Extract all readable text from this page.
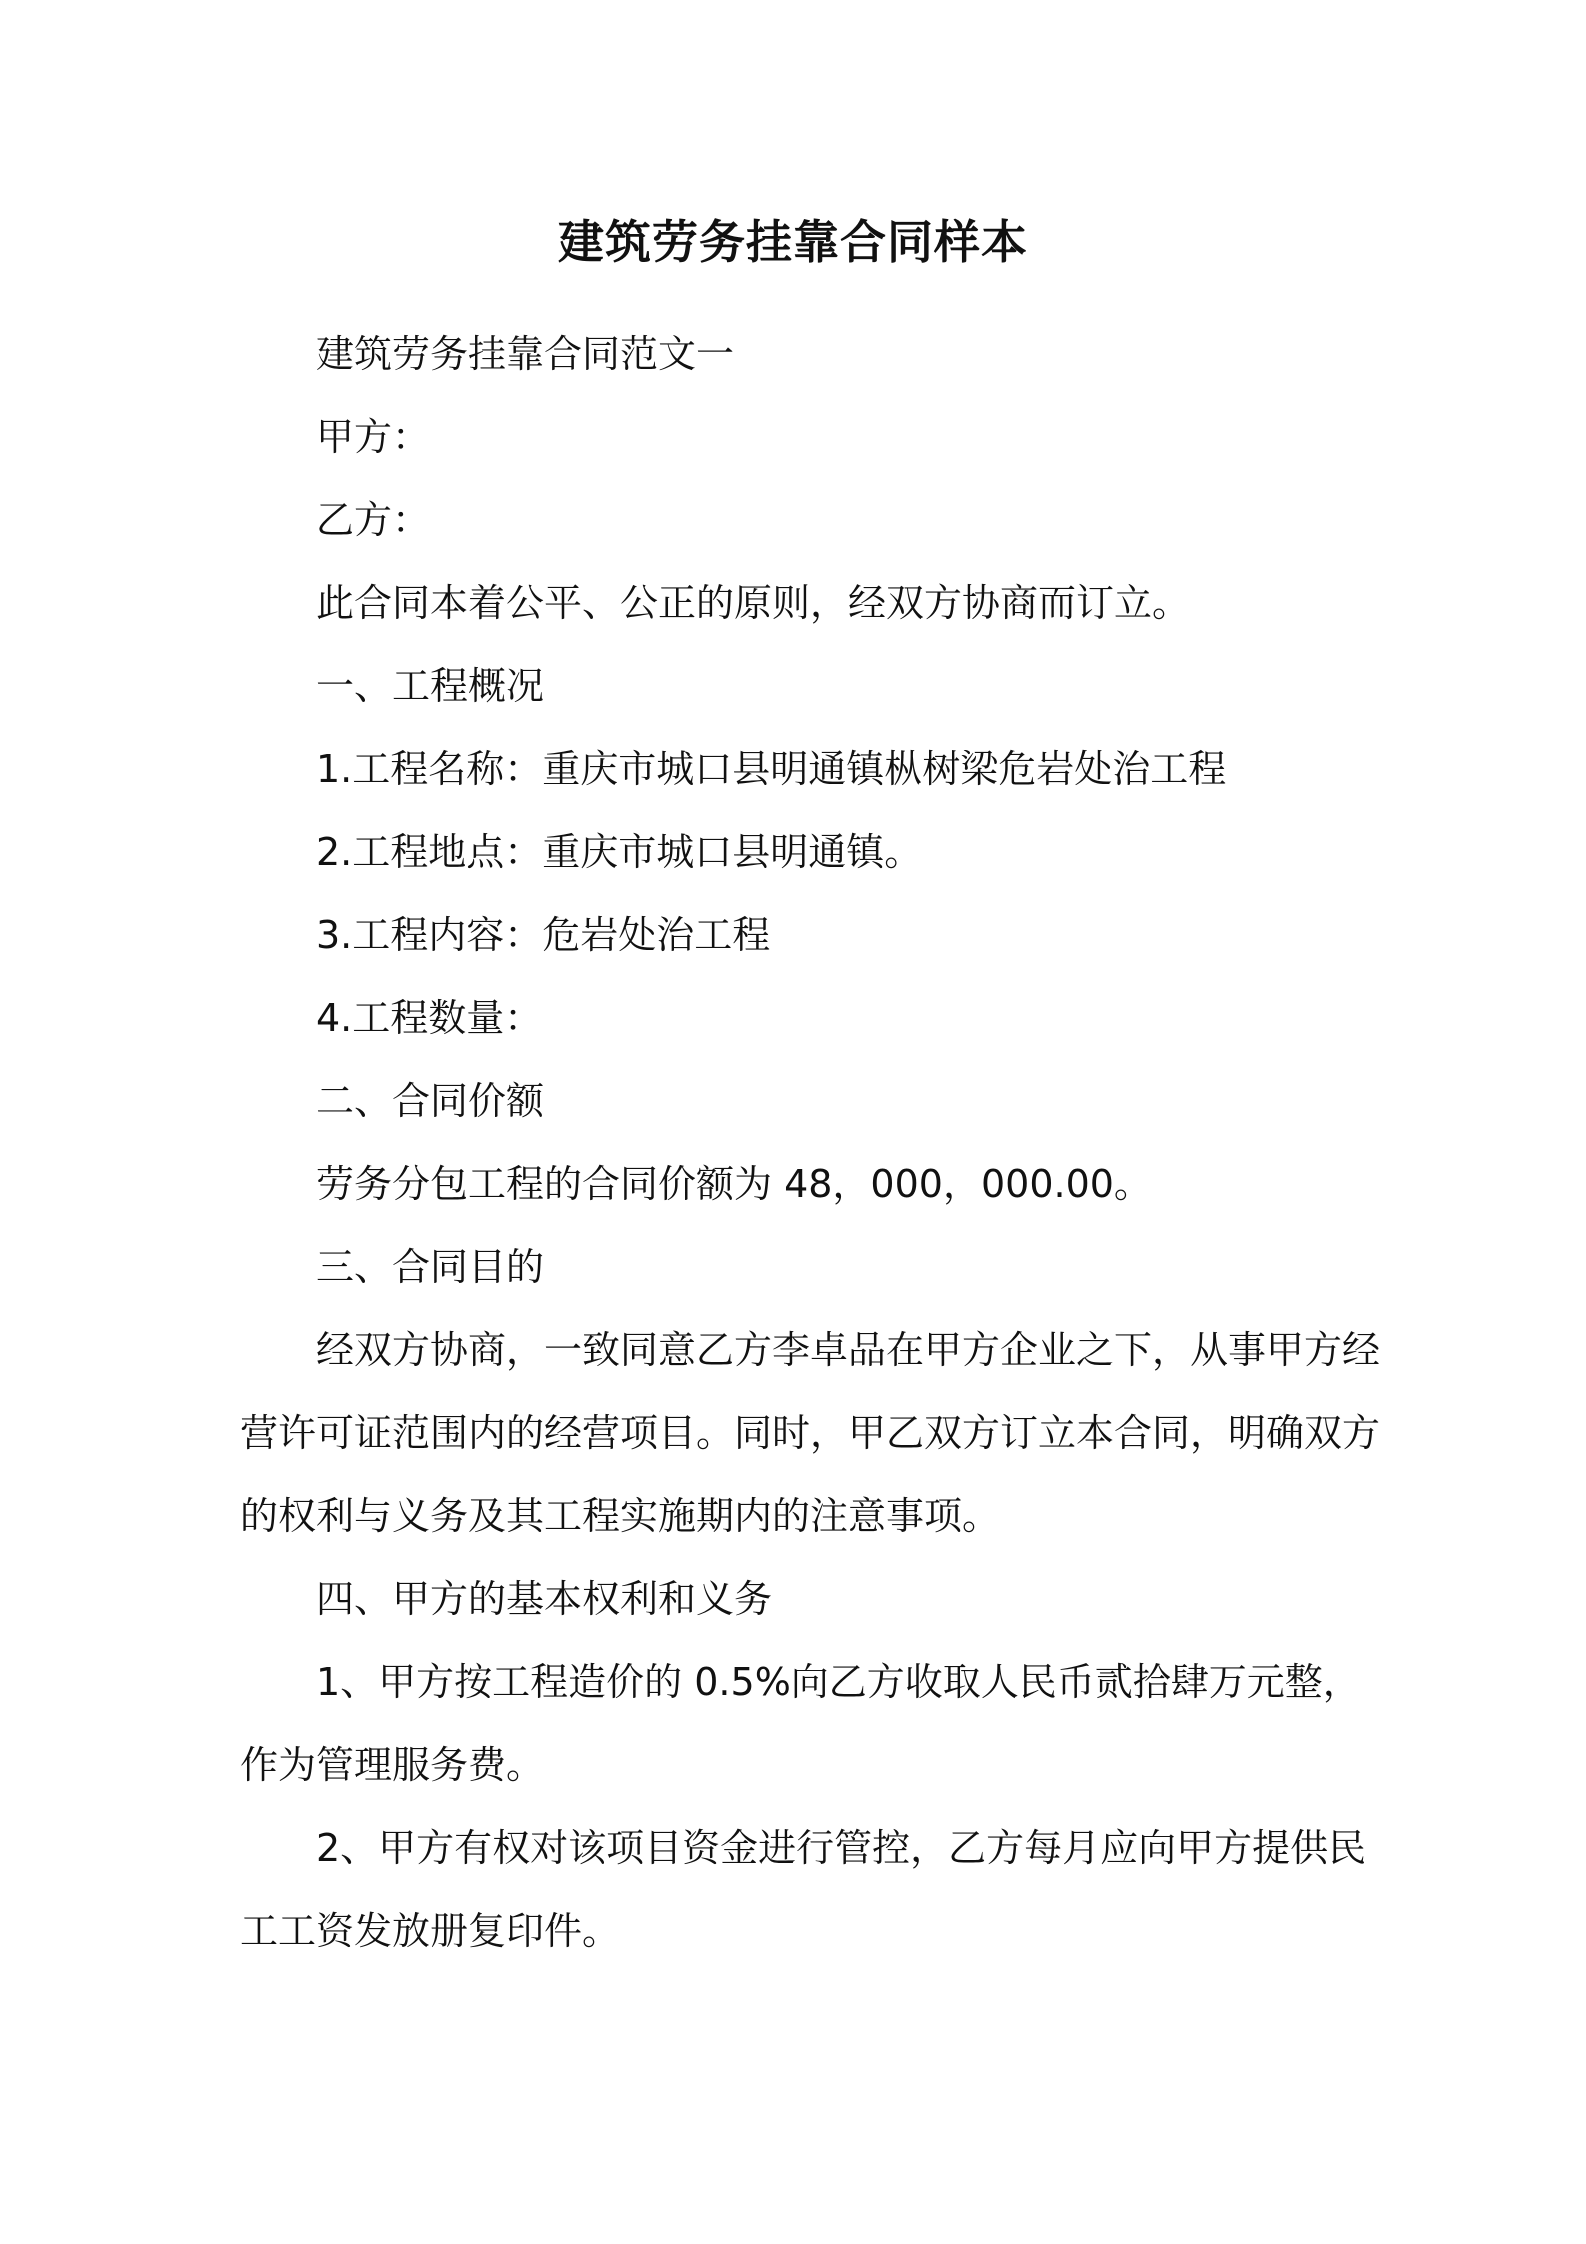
建筑劳务挂靠合同样本
建筑劳务挂靠合同范文一
甲方：
乙方：
此合同本着公平、公正的原则，经双方协商而订立。
一、工程概况
1.工程名称：重庆市城口县明通镇枞树梁危岩处治工程
2.工程地点：重庆市城口县明通镇。
3.工程内容：危岩处治工程
4.工程数量：
二、合同价额
劳务分包工程的合同价额为 48，000，000.00。
三、合同目的
经双方协商，一致同意乙方李卓品在甲方企业之下，从事甲方经
营许可证范围内的经营项目。同时，甲乙双方订立本合同，明确双方
的权利与义务及其工程实施期内的注意事项。
四、甲方的基本权利和义务
1、甲方按工程造价的 0.5%向乙方收取人民币贰拾肆万元整，
作为管理服务费。
2、甲方有权对该项目资金进行管控，乙方每月应向甲方提供民
工工资发放册复印件。
